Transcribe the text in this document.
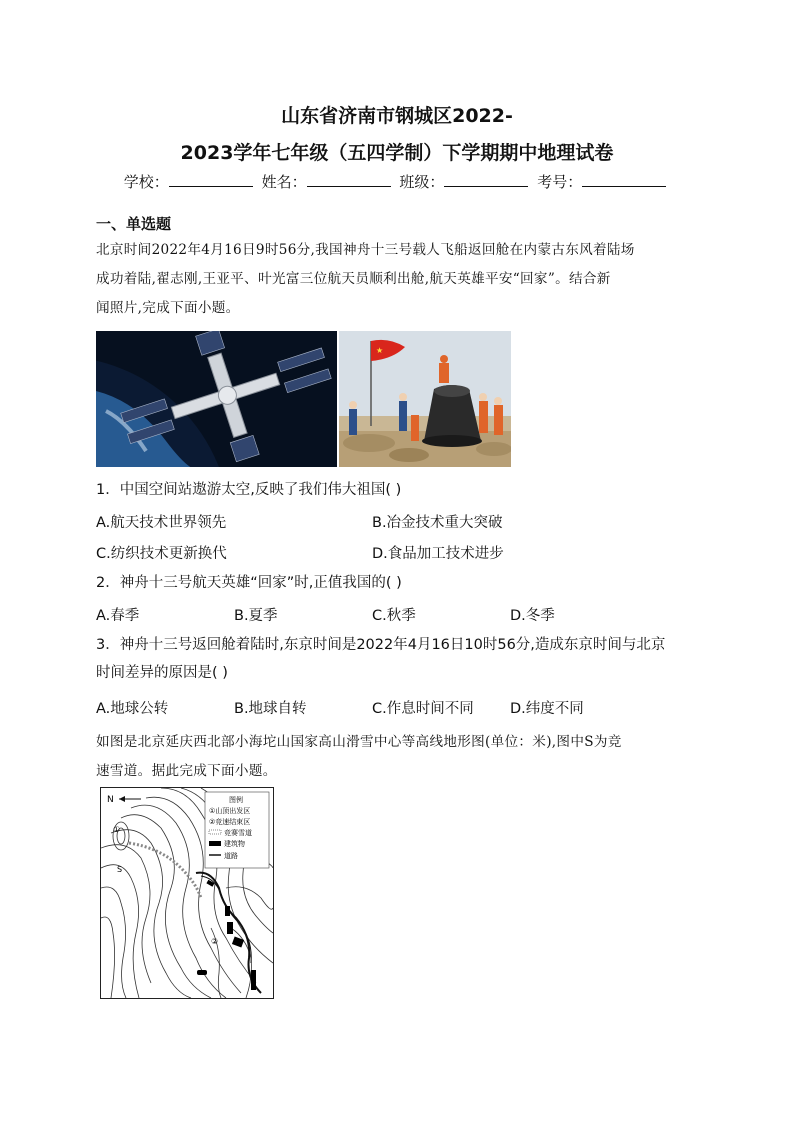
山东省济南市钢城区2022-
2023学年七年级（五四学制）下学期期中地理试卷
学校：	姓名：	班级：	考号：
一、单选题
北京时间2022年4月16日9时56分,我国神舟十三号载人飞船返回舱在内蒙古东风着陆场
成功着陆,翟志刚,王亚平、叶光富三位航天员顺利出舱,航天英雄平安“回家”。结合新
闻照片,完成下面小题。
★
1．中国空间站遨游太空,反映了我们伟大祖国( )
A.航天技术世界领先	B.冶金技术重大突破
C.纺织技术更新换代	D.食品加工技术进步
2．神舟十三号航天英雄“回家”时,正值我国的( )
A.春季	B.夏季	C.秋季	D.冬季
3．神舟十三号返回舱着陆时,东京时间是2022年4月16日10时56分,造成东京时间与北京
时间差异的原因是( )
A.地球公转	B.地球自转	C.作息时间不同	D.纬度不同
如图是北京延庆西北部小海坨山国家高山滑雪中心等高线地形图(单位：米),图中S为竞
速雪道。据此完成下面小题。
N	图例
①山顶出发区
②竞速结束区
竞赛雪道
建筑物
道路
①
②
S
